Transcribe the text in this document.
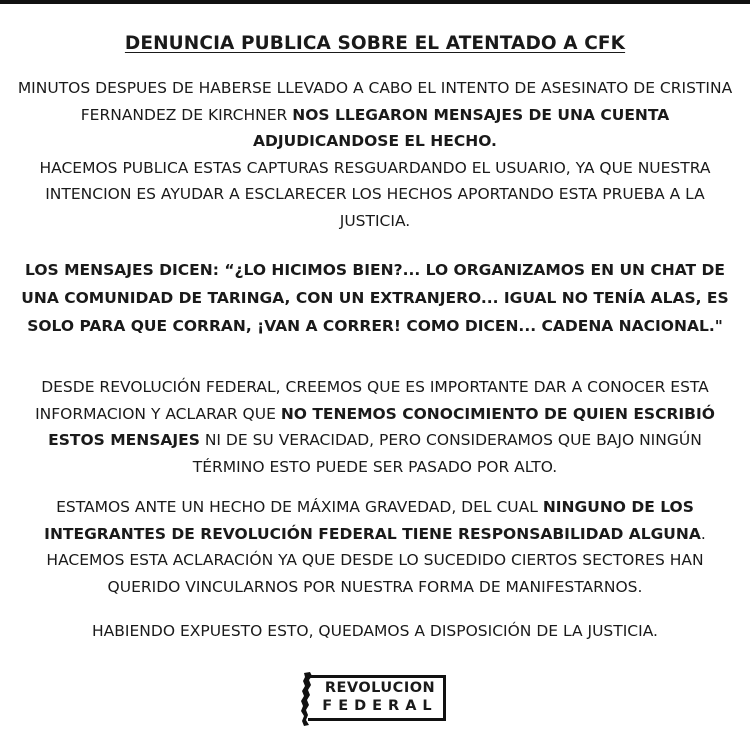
DENUNCIA PUBLICA SOBRE EL ATENTADO A CFK

MINUTOS DESPUES DE HABERSE LLEVADO A CABO EL INTENTO DE ASESINATO DE CRISTINA FERNANDEZ DE KIRCHNER NOS LLEGARON MENSAJES DE UNA CUENTA ADJUDICANDOSE EL HECHO.
HACEMOS PUBLICA ESTAS CAPTURAS RESGUARDANDO EL USUARIO, YA QUE NUESTRA INTENCION ES AYUDAR A ESCLARECER LOS HECHOS APORTANDO ESTA PRUEBA A LA JUSTICIA.

LOS MENSAJES DICEN: “¿LO HICIMOS BIEN?... LO ORGANIZAMOS EN UN CHAT DE UNA COMUNIDAD DE TARINGA, CON UN EXTRANJERO... IGUAL NO TENÍA ALAS, ES SOLO PARA QUE CORRAN, ¡VAN A CORRER! COMO DICEN... CADENA NACIONAL."

DESDE REVOLUCIÓN FEDERAL, CREEMOS QUE ES IMPORTANTE DAR A CONOCER ESTA INFORMACION Y ACLARAR QUE NO TENEMOS CONOCIMIENTO DE QUIEN ESCRIBIÓ ESTOS MENSAJES NI DE SU VERACIDAD, PERO CONSIDERAMOS QUE BAJO NINGÚN TÉRMINO ESTO PUEDE SER PASADO POR ALTO.

ESTAMOS ANTE UN HECHO DE MÁXIMA GRAVEDAD, DEL CUAL NINGUNO DE LOS INTEGRANTES DE REVOLUCIÓN FEDERAL TIENE RESPONSABILIDAD ALGUNA. HACEMOS ESTA ACLARACIÓN YA QUE DESDE LO SUCEDIDO CIERTOS SECTORES HAN QUERIDO VINCULARNOS POR NUESTRA FORMA DE MANIFESTARNOS.

HABIENDO EXPUESTO ESTO, QUEDAMOS A DISPOSICIÓN DE LA JUSTICIA.

REVOLUCION
FEDERAL
